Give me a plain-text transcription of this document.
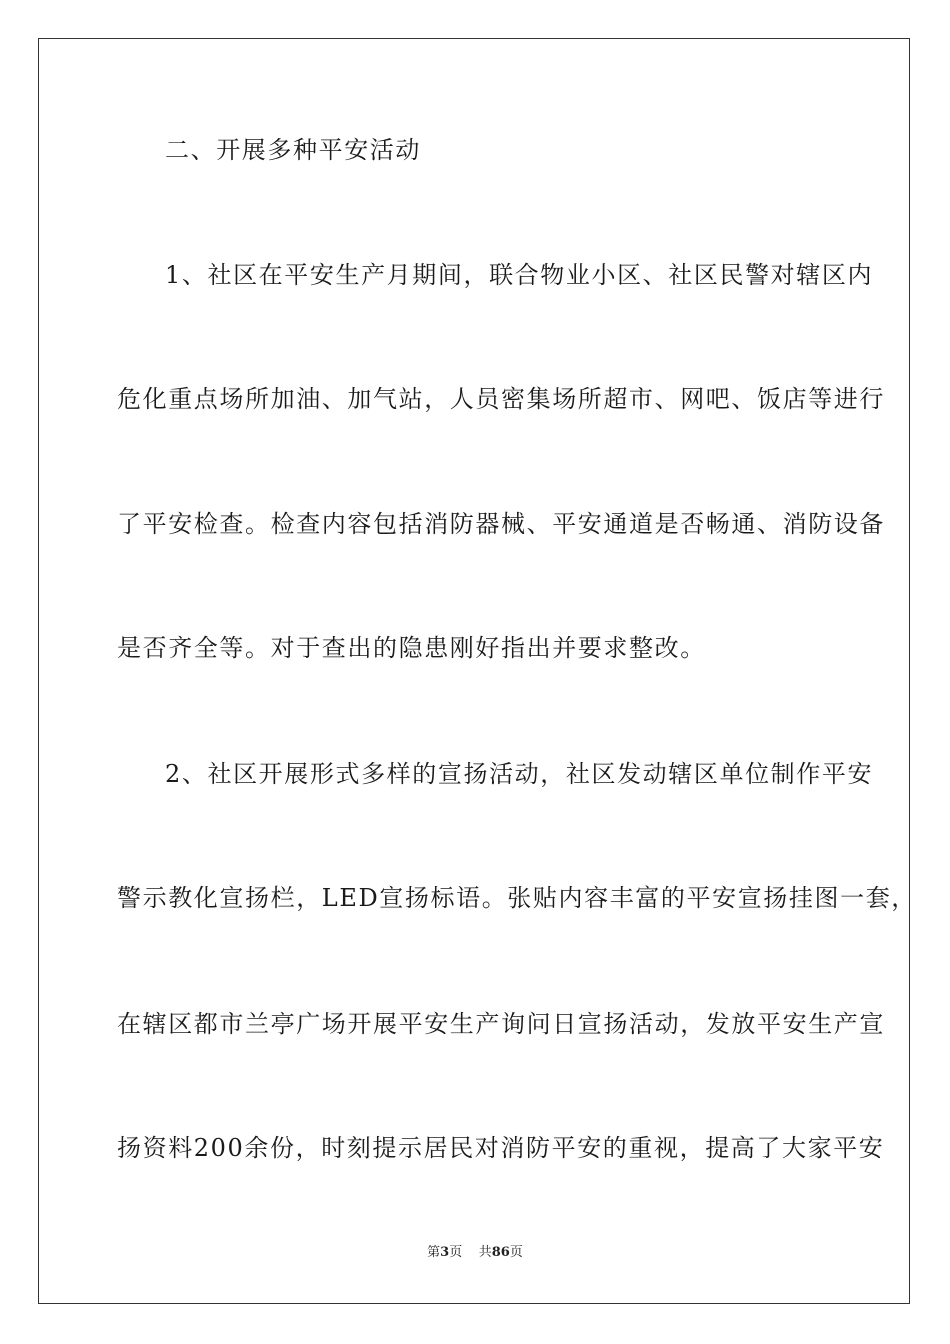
二、开展多种平安活动
1、社区在平安生产月期间，联合物业小区、社区民警对辖区内
危化重点场所加油、加气站，人员密集场所超市、网吧、饭店等进行
了平安检查。检查内容包括消防器械、平安通道是否畅通、消防设备
是否齐全等。对于查出的隐患刚好指出并要求整改。
2、社区开展形式多样的宣扬活动，社区发动辖区单位制作平安
警示教化宣扬栏，LED宣扬标语。张贴内容丰富的平安宣扬挂图一套，
在辖区都市兰亭广场开展平安生产询问日宣扬活动，发放平安生产宣
扬资料200余份，时刻提示居民对消防平安的重视，提高了大家平安
第3页 共86页
